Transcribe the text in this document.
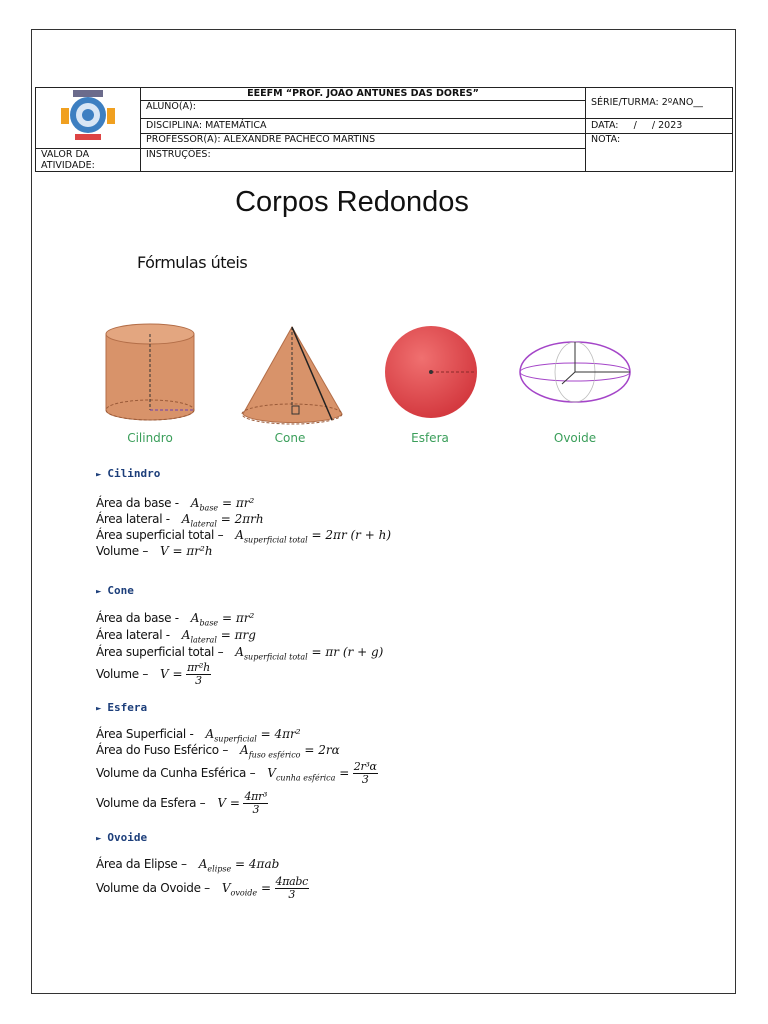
	EEEFM “PROF. JOÃO ANTUNES DAS DORES”	SÉRIE/TURMA: 2ºANO__
	ALUNO(A):	
	DISCIPLINA: MATEMÁTICA	DATA:     /     / 2023
	PROFESSOR(A): ALEXANDRE PACHECO MARTINS	NOTA:
VALOR DA ATIVIDADE:	INSTRUÇÕES:	
Corpos Redondos
Fórmulas úteis
Cilindro	Cone	Esfera	Ovoide
► Cilindro
Área da base - $A_{base} = \pi r^2$
Área lateral - $A_{lateral} = 2\pi rh$
Área superficial total – $A_{superficial total} = 2\pi r$ (r + h)
Volume – V = πr²h
► Cone
Área da base - $A_{base} = \pi r^2$
Área lateral - $A_{lateral} = \pi rg$
Área superficial total – $A_{superficial total} = \pi r$ (r + g)
Volume – $V = \frac{\text{πr²h}}{3}$
► Esfera
Área Superficial - $A_{superficial} = 4\pi r^2$
Área do Fuso Esférico – $A_{fuso esférico} = 2r\alpha$
Volume da Cunha Esférica – $V_{cunha esférica} = \frac{\text{2r³α}}{3}$
Volume da Esfera – $V = \frac{\text{4πr³}}{3}$
► Ovoide
Área da Elipse – $A_{elipse} = 4\pi ab$
Volume da Ovoide – $V_{ovoide} = \frac{\text{4πabc}}{3}$
